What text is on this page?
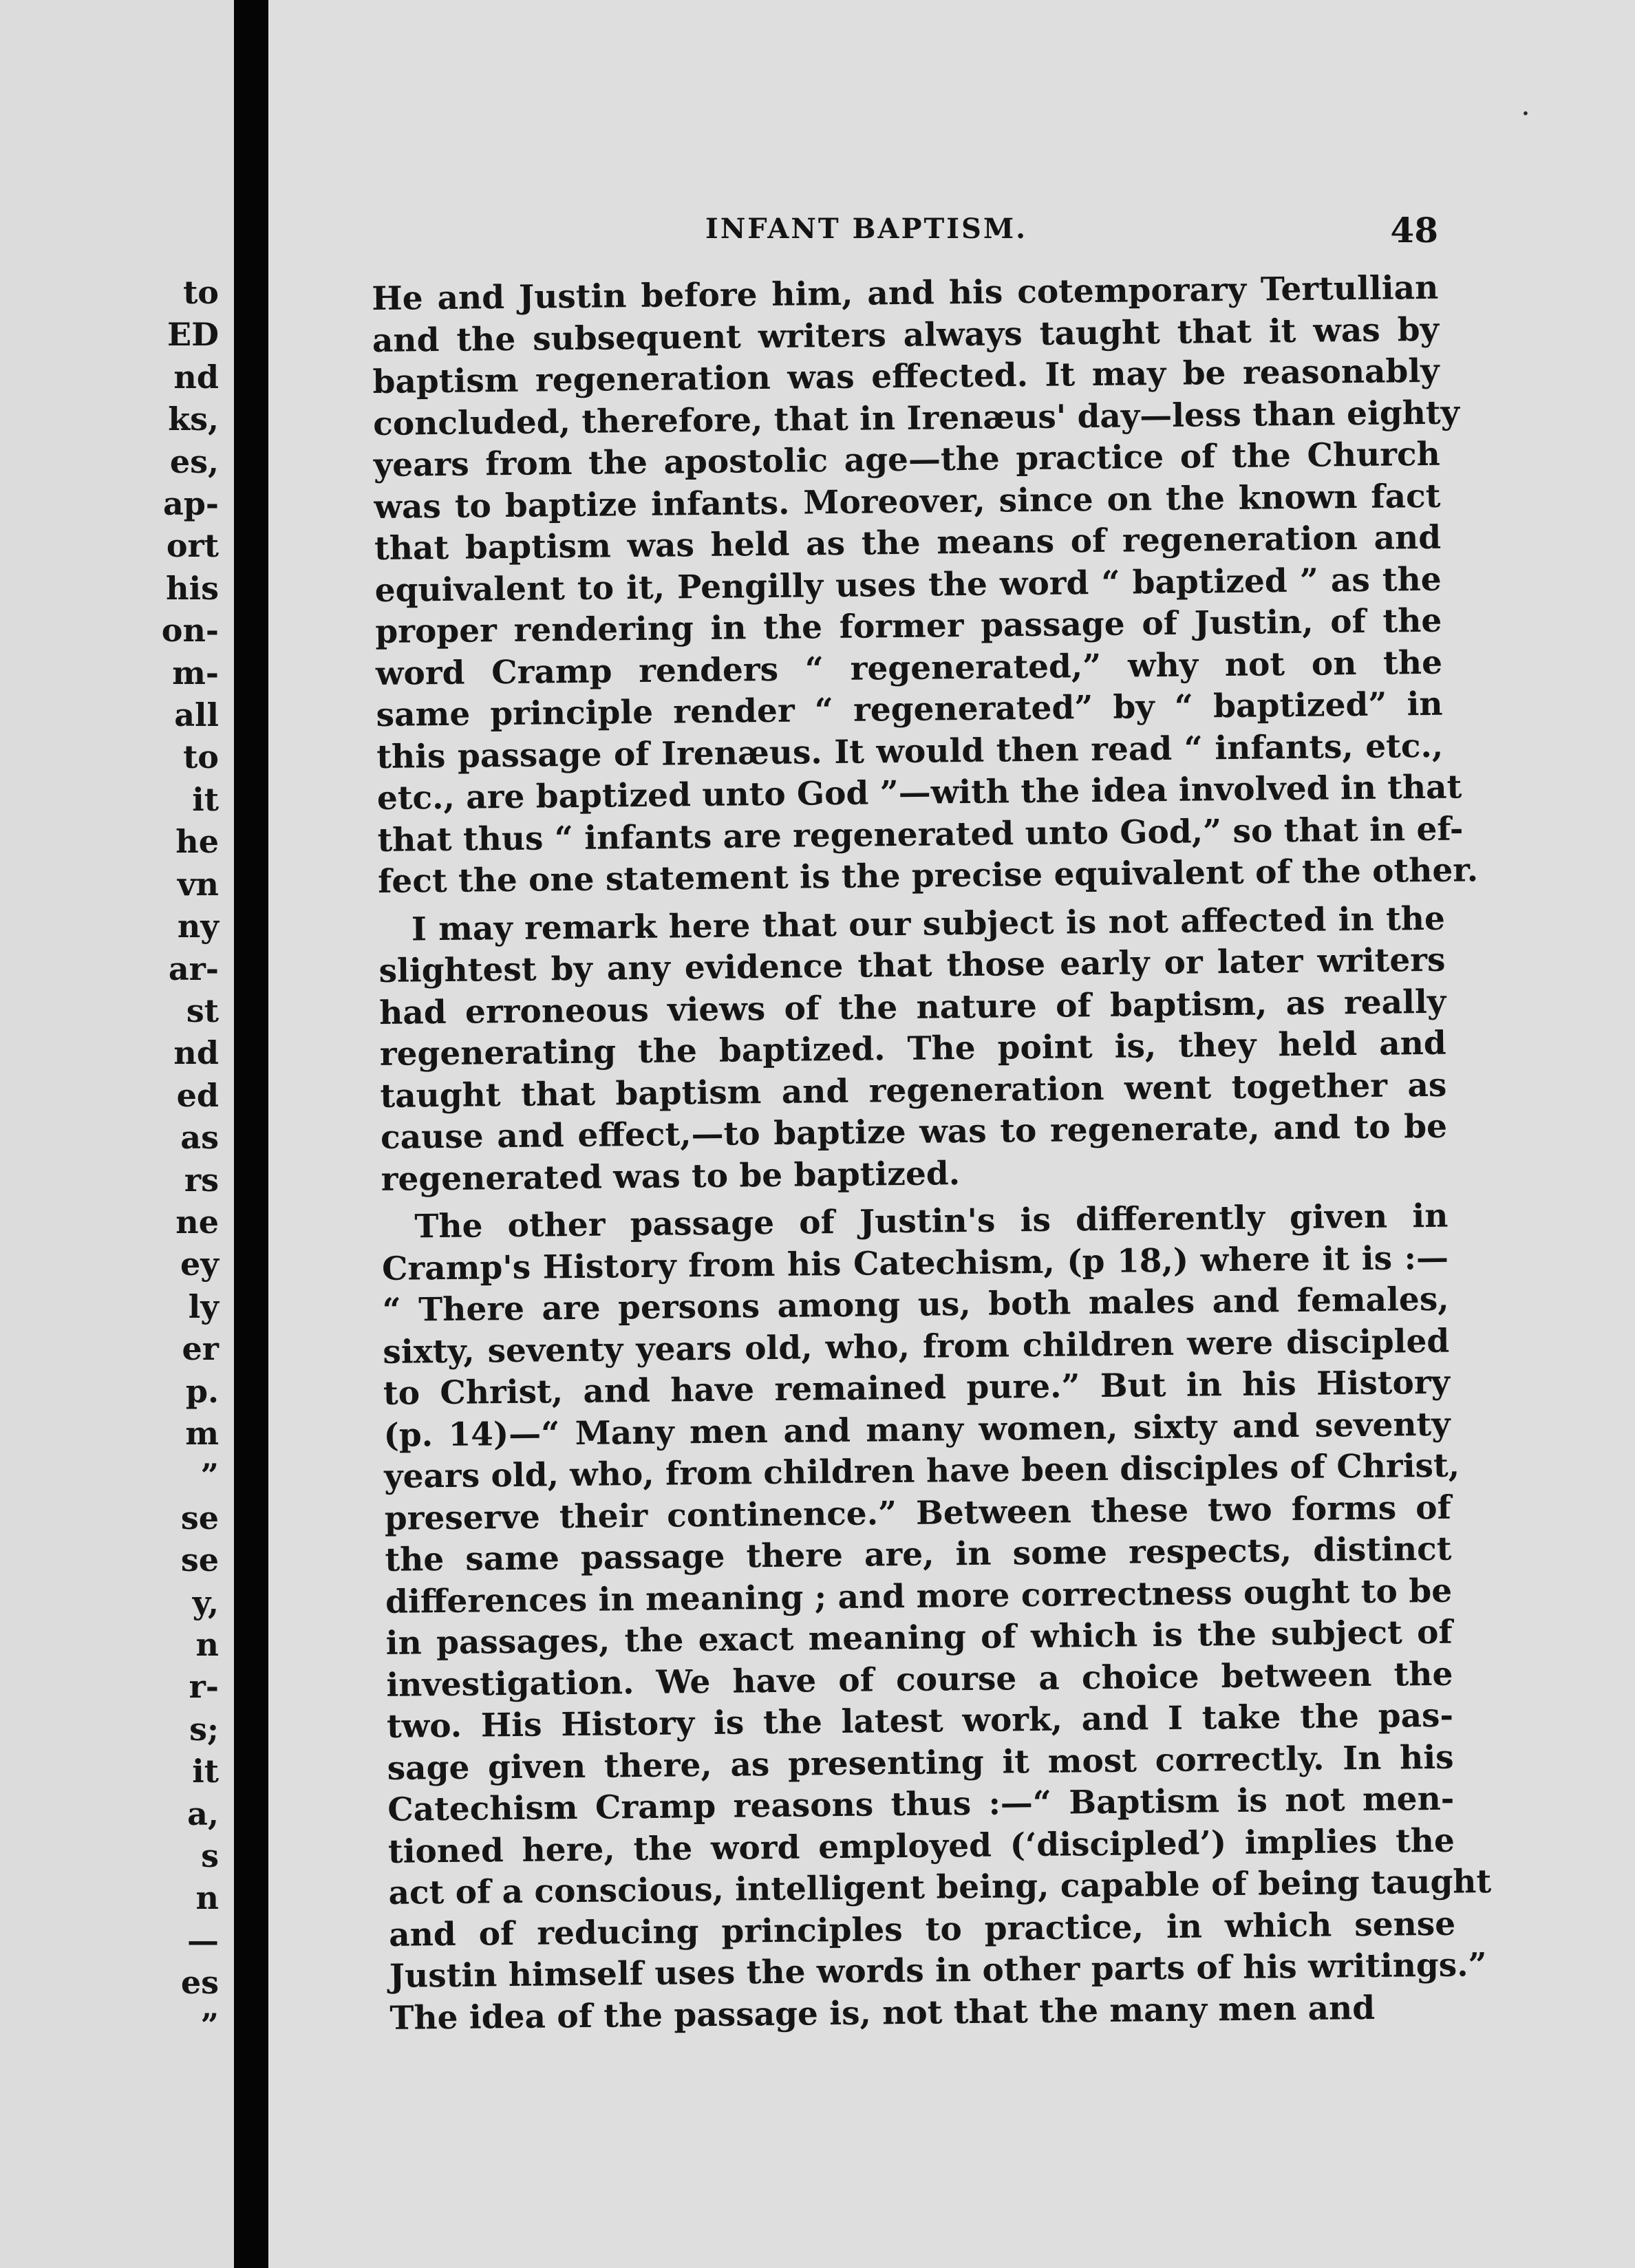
to
ED
nd
ks,
es,
ap-
ort
his
on-
m-
all
to
it
he
vn
ny
ar-
st
nd
ed
as
rs
ne
ey
ly
er
p.
m
”
se
se
y,
n
r-
s;
it
a,
s
n
—
es
”
·
INFANT BAPTISM.	48
He and Justin before him, and his cotemporary Tertullian
and the subsequent writers always taught that it was by
baptism regeneration was effected. It may be reasonably
concluded, therefore, that in Irenæus' day—less than eighty
years from the apostolic age—the practice of the Church
was to baptize infants. Moreover, since on the known fact
that baptism was held as the means of regeneration and
equivalent to it, Pengilly uses the word “ baptized ” as the
proper rendering in the former passage of Justin, of the
word Cramp renders “ regenerated,” why not on the
same principle render “ regenerated” by “ baptized” in
this passage of Irenæus. It would then read “ infants, etc.,
etc., are baptized unto God ”—with the idea involved in that
that thus “ infants are regenerated unto God,” so that in ef-
fect the one statement is the precise equivalent of the other.
I may remark here that our subject is not affected in the
slightest by any evidence that those early or later writers
had erroneous views of the nature of baptism, as really
regenerating the baptized. The point is, they held and
taught that baptism and regeneration went together as
cause and effect,—to baptize was to regenerate, and to be
regenerated was to be baptized.
The other passage of Justin's is differently given in
Cramp's History from his Catechism, (p 18,) where it is :—
“ There are persons among us, both males and females,
sixty, seventy years old, who, from children were discipled
to Christ, and have remained pure.” But in his History
(p. 14)—“ Many men and many women, sixty and seventy
years old, who, from children have been disciples of Christ,
preserve their continence.” Between these two forms of
the same passage there are, in some respects, distinct
differences in meaning ; and more correctness ought to be
in passages, the exact meaning of which is the subject of
investigation. We have of course a choice between the
two. His History is the latest work, and I take the pas-
sage given there, as presenting it most correctly. In his
Catechism Cramp reasons thus :—“ Baptism is not men-
tioned here, the word employed (‘discipled’) implies the
act of a conscious, intelligent being, capable of being taught
and of reducing principles to practice, in which sense
Justin himself uses the words in other parts of his writings.”
The idea of the passage is, not that the many men and
